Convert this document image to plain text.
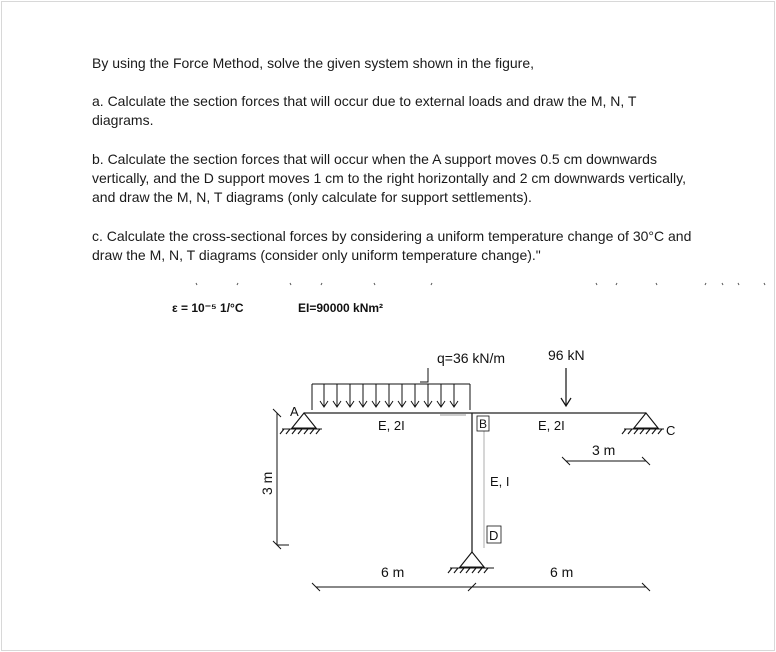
By using the Force Method, solve the given system shown in the figure,

a. Calculate the section forces that will occur due to external loads and draw the M, N, T diagrams.

b. Calculate the section forces that will occur when the A support moves 0.5 cm downwards vertically, and the D support moves 1 cm to the right horizontally and 2 cm downwards vertically, and draw the M, N, T diagrams (only calculate for support settlements).

c. Calculate the cross-sectional forces by considering a uniform temperature change of 30°C and draw the M, N, T diagrams (consider only uniform temperature change)."

ε = 10⁻⁵ 1/°C	EI=90000 kNm²
q=36 kN/m	96 kN
A
B	C
D
E, 2I	E, 2I
E, I
3 m
3 m
6 m	6 m
